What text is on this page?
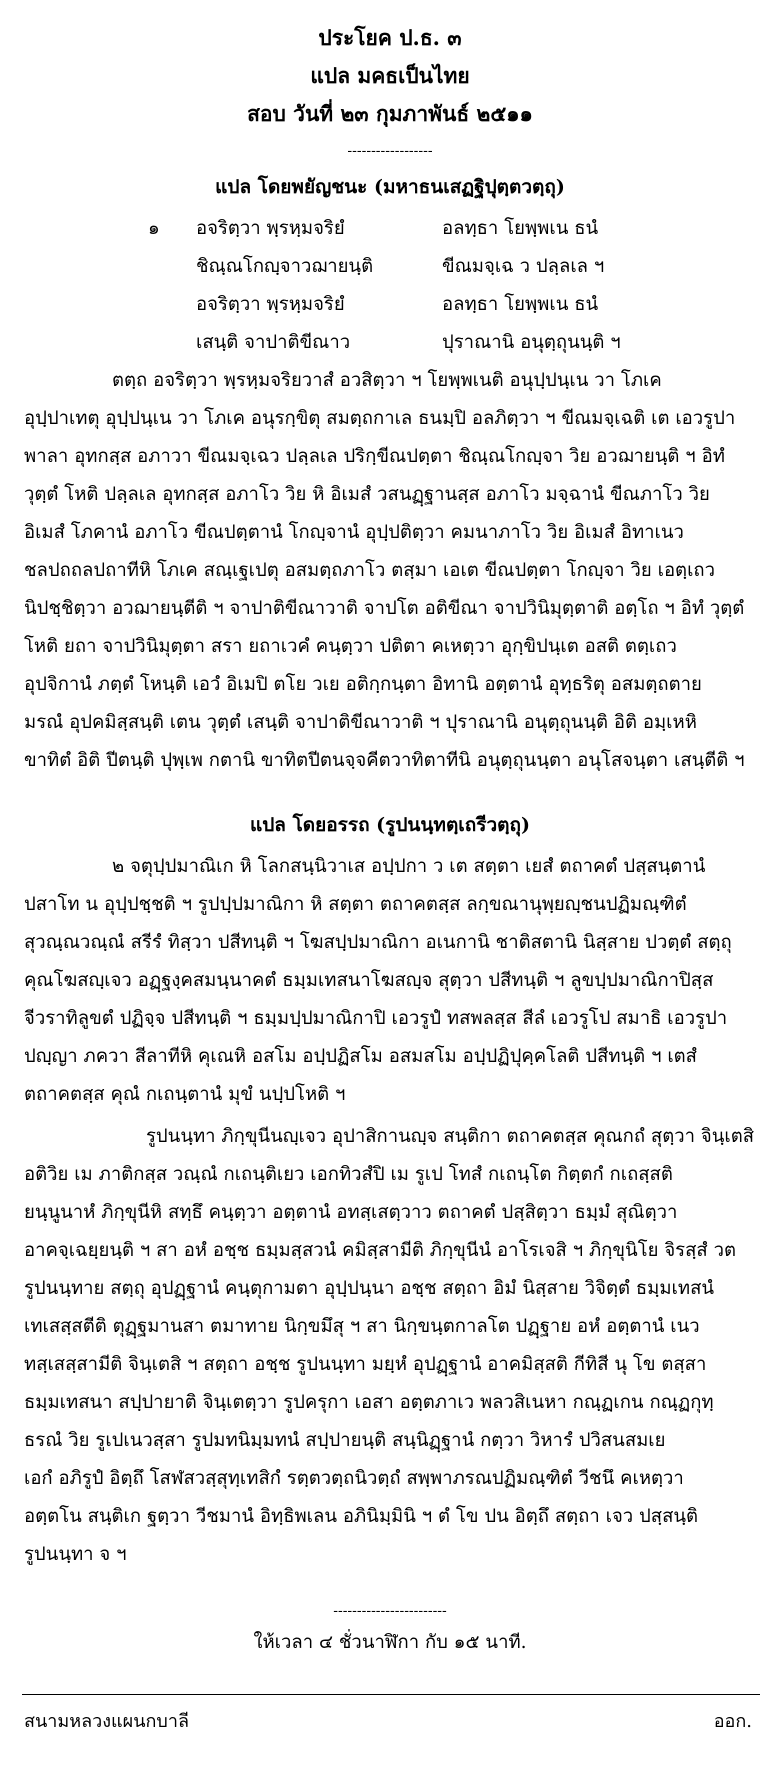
ประโยค ป.ธ. ๓
แปล มคธเป็นไทย
สอบ วันที่ ๒๓ กุมภาพันธ์ ๒๕๑๑
------------------
แปล โดยพยัญชนะ (มหาธนเสฏฐิปุตฺตวตฺถุ)
๑ อจริตฺวา พฺรหฺมจริยํ	อลทฺธา โยพฺพเน ธนํ
ชิณฺณโกญฺจาวฌายนฺติ	ขีณมจฺเฉ ว ปลฺลเล ฯ
อจริตฺวา พฺรหฺมจริยํ	อลทฺธา โยพฺพเน ธนํ
เสนฺติ จาปาติขีณาว	ปุราณานิ อนุตฺถุนนฺติ ฯ
ตตฺถ อจริตฺวา พฺรหฺมจริยวาสํ อวสิตฺวา ฯ โยพฺพเนติ อนุปฺปนฺเน วา โภเค
อุปฺปาเทตุ อุปฺปนฺเน วา โภเค อนุรกฺขิตุ สมตฺถกาเล ธนมฺปิ อลภิตฺวา ฯ ขีณมจฺเฉติ เต เอวรูปา
พาลา อุทกสฺส อภาวา ขีณมจฺเฉว ปลฺลเล ปริกฺขีณปตฺตา ชิณฺณโกญฺจา วิย อวฌายนฺติ ฯ อิทํ
วุตฺตํ โหติ ปลฺลเล อุทกสฺส อภาโว วิย หิ อิเมสํ วสนฏฺฐานสฺส อภาโว มจฺฉานํ ขีณภาโว วิย
อิเมสํ โภคานํ อภาโว ขีณปตฺตานํ โกญฺจานํ อุปฺปติตฺวา คมนาภาโว วิย อิเมสํ อิทาเนว
ชลปถถลปถาทีหิ โภเค สณฺเฐเปตุ อสมตฺถภาโว ตสฺมา เอเต ขีณปตฺตา โกญฺจา วิย เอตฺเถว
นิปชฺชิตฺวา อวฌายนฺตีติ ฯ จาปาติขีณาวาติ จาปโต อติขีณา จาปวินิมุตฺตาติ อตฺโถ ฯ อิทํ วุตฺตํ
โหติ ยถา จาปวินิมุตฺตา สรา ยถาเวคํ คนฺตฺวา ปติตา คเหตฺวา อุกฺขิปนฺเต อสติ ตตฺเถว
อุปจิกานํ ภตฺตํ โหนฺติ เอวํ อิเมปิ ตโย วเย อติกฺกนฺตา อิทานิ อตฺตานํ อุทฺธริตุ อสมตฺถตาย
มรณํ อุปคมิสฺสนฺติ เตน วุตฺตํ เสนฺติ จาปาติขีณาวาติ ฯ ปุราณานิ อนุตฺถุนนฺติ อิติ อมฺเหหิ
ขาทิตํ อิติ ปีตนฺติ ปุพฺเพ กตานิ ขาทิตปีตนจฺจคีตวาทิตาทีนิ อนุตฺถุนนฺตา อนุโสจนฺตา เสนฺตีติ ฯ
แปล โดยอรรถ (รูปนนฺทตฺเถรีวตฺถุ)
๒ จตุปฺปมาณิเก หิ โลกสนฺนิวาเส อปฺปกา ว เต สตฺตา เยสํ ตถาคตํ ปสฺสนฺตานํ
ปสาโท น อุปฺปชฺชติ ฯ รูปปฺปมาณิกา หิ สตฺตา ตถาคตสฺส ลกฺขณานุพฺยญฺชนปฏิมณฺฑิตํ
สุวณฺณวณฺณํ สรีรํ ทิสฺวา ปสีทนฺติ ฯ โฆสปฺปมาณิกา อเนกานิ ชาติสตานิ นิสฺสาย ปวตฺตํ สตฺถุ
คุณโฆสญฺเจว อฏฺฐงฺคสมนฺนาคตํ ธมฺมเทสนาโฆสญฺจ สุตฺวา ปสีทนฺติ ฯ ลูขปฺปมาณิกาปิสฺส
จีวราทิลูขตํ ปฏิจฺจ ปสีทนฺติ ฯ ธมฺมปฺปมาณิกาปิ เอวรูปํ ทสพลสฺส สีลํ เอวรูโป สมาธิ เอวรูปา
ปญฺญา ภควา สีลาทีหิ คุเณหิ อสโม อปฺปฏิสโม อสมสโม อปฺปฏิปุคฺคโลติ ปสีทนฺติ ฯ เตสํ
ตถาคตสฺส คุณํ กเถนฺตานํ มุขํ นปฺปโหติ ฯ
รูปนนฺทา ภิกฺขุนีนญฺเจว อุปาสิกานญฺจ สนฺติกา ตถาคตสฺส คุณกถํ สุตฺวา จินฺเตสิ
อติวิย เม ภาติกสฺส วณฺณํ กเถนฺติเยว เอกทิวสํปิ เม รูเป โทสํ กเถนฺโต กิตฺตกํ กเถสฺสติ
ยนฺนูนาหํ ภิกฺขุนีหิ สทฺธึ คนฺตฺวา อตฺตานํ อทสฺเสตฺวาว ตถาคตํ ปสฺสิตฺวา ธมฺมํ สุณิตฺวา
อาคจฺเฉยฺยนฺติ ฯ สา อหํ อชฺช ธมฺมสฺสวนํ คมิสฺสามีติ ภิกฺขุนีนํ อาโรเจสิ ฯ ภิกฺขุนิโย จิรสฺสํ วต
รูปนนฺทาย สตฺถุ อุปฏฺฐานํ คนฺตุกามตา อุปฺปนฺนา อชฺช สตฺถา อิมํ นิสฺสาย วิจิตฺตํ ธมฺมเทสนํ
เทเสสฺสตีติ ตุฏฺฐมานสา ตมาทาย นิกฺขมึสุ ฯ สา นิกฺขนฺตกาลโต ปฏฺฐาย อหํ อตฺตานํ เนว
ทสฺเสสฺสามีติ จินฺเตสิ ฯ สตฺถา อชฺช รูปนนฺทา มยฺหํ อุปฏฺฐานํ อาคมิสฺสติ กีทิสี นุ โข ตสฺสา
ธมฺมเทสนา สปฺปายาติ จินฺเตตฺวา รูปครุกา เอสา อตฺตภาเว พลวสิเนหา กณฺฏเกน กณฺฏกุทฺ
ธรณํ วิย รูเปเนวสฺสา รูปมทนิมฺมทนํ สปฺปายนฺติ สนฺนิฏฺฐานํ กตฺวา วิหารํ ปวิสนสมเย
เอกํ อภิรูปํ อิตฺถึ โสฬสวสฺสุทฺเทสิกํ รตฺตวตฺถนิวตฺถํ สพฺพาภรณปฏิมณฺฑิตํ วีชนึ คเหตฺวา
อตฺตโน สนฺติเก ฐตฺวา วีชมานํ อิทฺธิพเลน อภินิมฺมินิ ฯ ตํ โข ปน อิตฺถึ สตฺถา เจว ปสฺสนฺติ
รูปนนฺทา จ ฯ
------------------------
ให้เวลา ๔ ชั่วนาฬิกา กับ ๑๕ นาที.
สนามหลวงแผนกบาลี	ออก.
